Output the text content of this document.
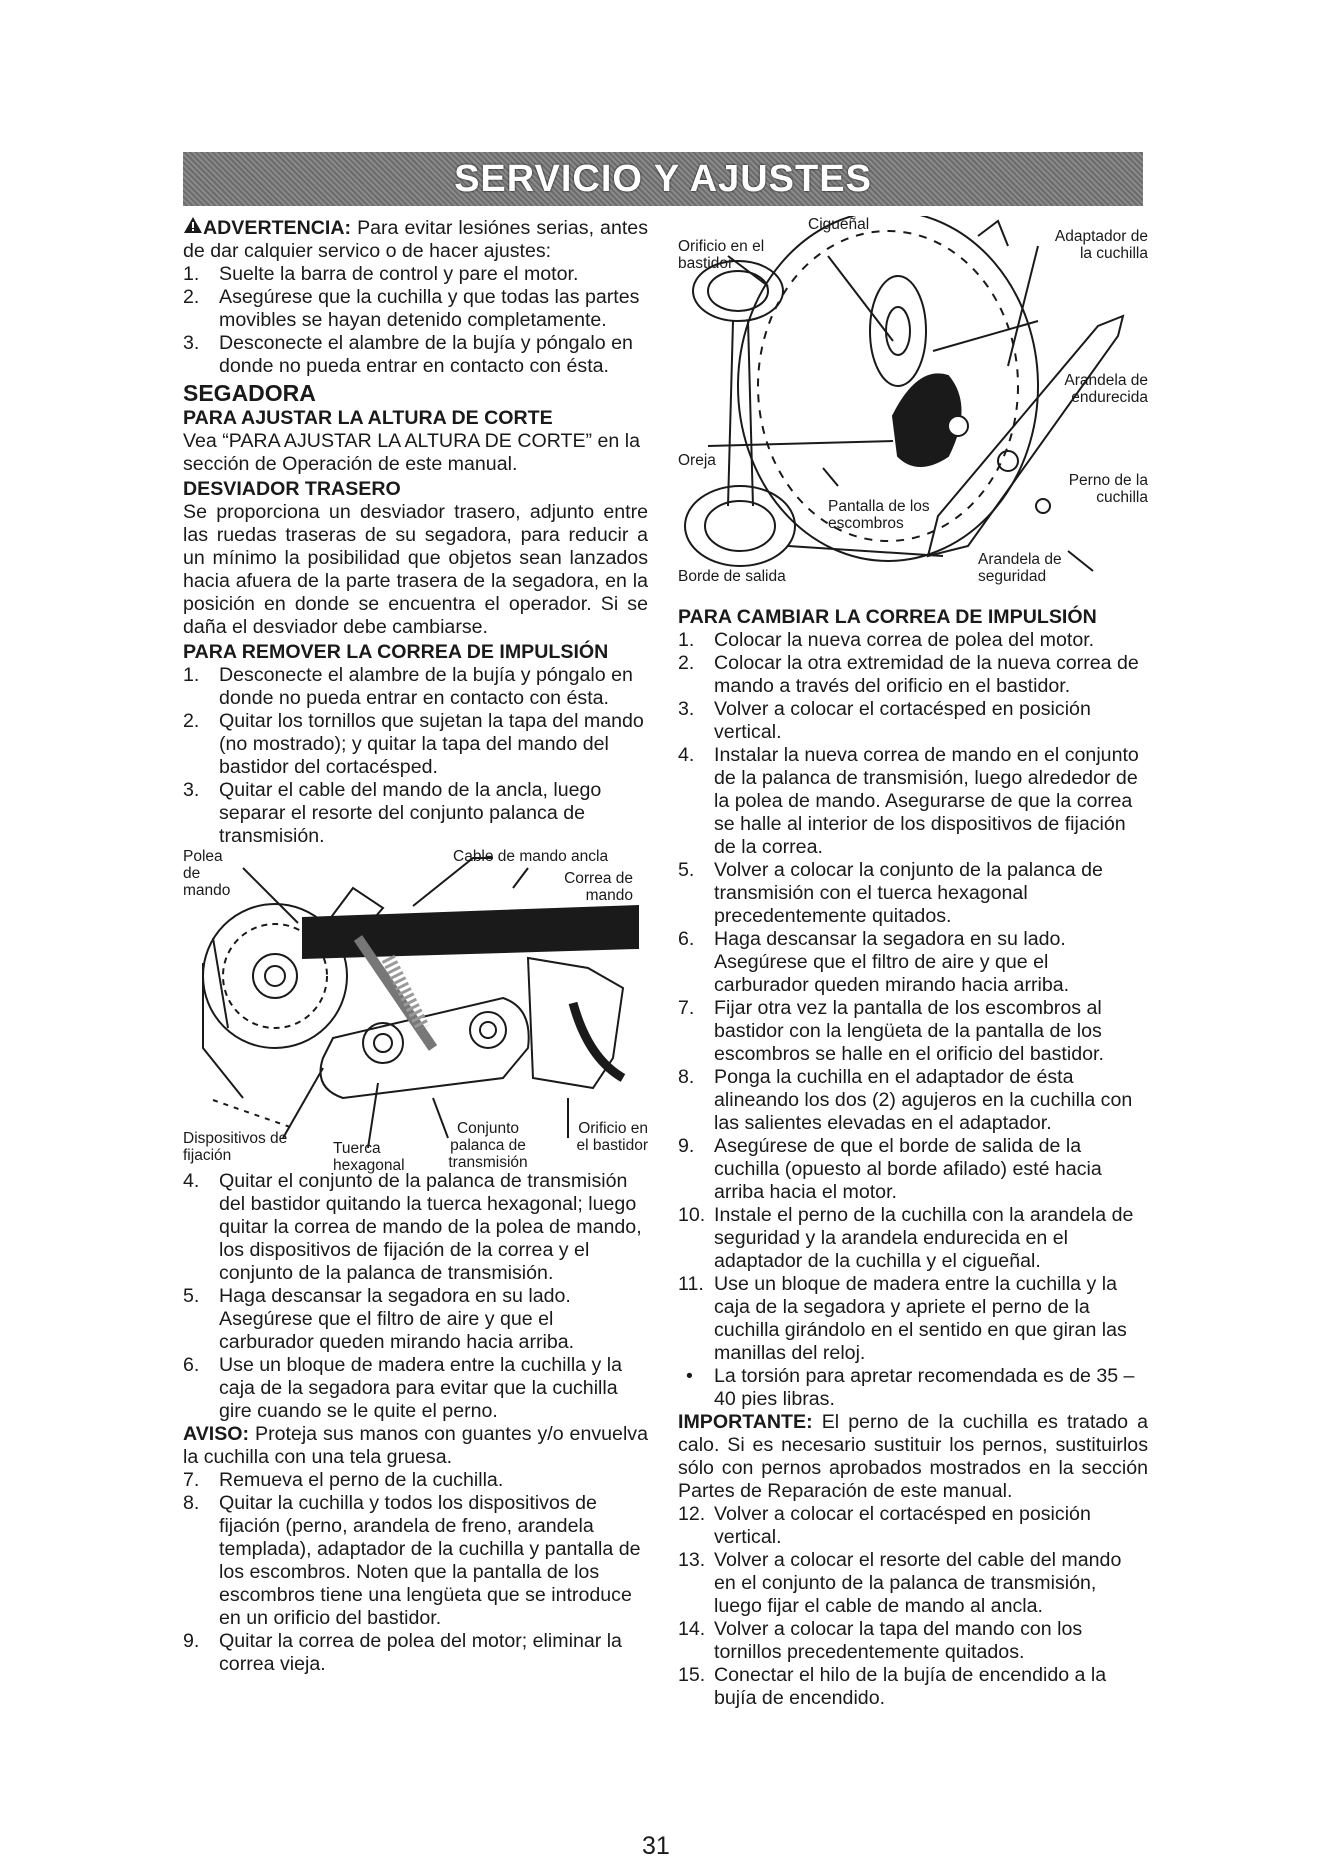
SERVICIO Y AJUSTES

ADVERTENCIA: Para evitar lesiónes serias, antes de dar calquier servico o de hacer ajustes:

1.	Suelte la barra de control y pare el motor.
2.	Asegúrese que la cuchilla y que todas las partes movibles se hayan detenido completamente.
3.	Desconecte el alambre de la bujía y póngalo en donde no pueda entrar en contacto con ésta.
SEGADORA
PARA AJUSTAR LA ALTURA DE CORTE

Vea “PARA AJUSTAR LA ALTURA DE CORTE” en la sección de Operación de este manual.

DESVIADOR TRASERO

Se proporciona un desviador trasero, adjunto entre las ruedas traseras de su segadora, para reducir a un mínimo la posibilidad que objetos sean lanzados hacia afuera de la parte trasera de la segadora, en la posición en donde se encuentra el operador. Si se daña el desviador debe cambiarse.

PARA REMOVER LA CORREA DE IMPULSIÓN
1.	Desconecte el alambre de la bujía y póngalo en donde no pueda entrar en contacto con ésta.
2.	Quitar los tornillos que sujetan la tapa del mando (no mostrado); y quitar la tapa del mando del bastidor del cortacésped.
3.	Quitar el cable del mando de la ancla, luego separar el resorte del conjunto palanca de transmisión.
Polea de mando
Cable de mando ancla
Correa de mando
Dispositivos de fijación	Tuerca hexagonal
Conjunto palanca de transmisión
Orificio en el bastidor
4.	Quitar el conjunto de la palanca de transmisión del bastidor quitando la tuerca hexagonal; luego quitar la correa de mando de la polea de mando, los dispositivos de fijación de la correa y el conjunto de la palanca de transmisión.
5.	Haga descansar la segadora en su lado. Asegúrese que el filtro de aire y que el carburador queden mirando hacia arriba.
6.	Use un bloque de madera entre la cuchilla y la caja de la segadora para evitar que la cuchilla gire cuando se le quite el perno.

AVISO: Proteja sus manos con guantes y/o envuelva la cuchilla con una tela gruesa.

7.	Remueva el perno de la cuchilla.
8.	Quitar la cuchilla y todos los dispositivos de fijación (perno, arandela de freno, arandela templada), adaptador de la cuchilla y pantalla de los escombros. Noten que la pantalla de los escombros tiene una lengüeta que se introduce en un orificio del bastidor.
9.	Quitar la correa de polea del motor; eliminar la correa vieja.
Orificio en el bastidor
Cigueñal
Adaptador de la cuchilla
Arandela de endurecida
Oreja
Perno de la cuchilla
Pantalla de los escombros
Borde de salida
Arandela de seguridad
PARA CAMBIAR LA CORREA DE IMPULSIÓN
1.	Colocar la nueva correa de polea del motor.
2.	Colocar la otra extremidad de la nueva correa de mando a través del orificio en el bastidor.
3.	Volver a colocar el cortacésped en posición vertical.
4.	Instalar la nueva correa de mando en el conjunto de la palanca de transmisión, luego alrededor de la polea de mando. Asegurarse de que la correa se halle al interior de los dispositivos de fijación de la correa.
5.	Volver a colocar la conjunto de la palanca de transmisión con el tuerca hexagonal precedentemente quitados.
6.	Haga descansar la segadora en su lado. Asegúrese que el filtro de aire y que el carburador queden mirando hacia arriba.
7.	Fijar otra vez la pantalla de los escombros al bastidor con la lengüeta de la pantalla de los escombros se halle en el orificio del bastidor.
8.	Ponga la cuchilla en el adaptador de ésta alineando los dos (2) agujeros en la cuchilla con las salientes elevadas en el adaptador.
9.	Asegúrese de que el borde de salida de la cuchilla (opuesto al borde afilado) esté hacia arriba hacia el motor.
10. Instale el perno de la cuchilla con la arandela de seguridad y la arandela endurecida en el adaptador de la cuchilla y el cigueñal.
11. Use un bloque de madera entre la cuchilla y la caja de la segadora y apriete el perno de la cuchilla girándolo en el sentido en que giran las manillas del reloj.
•	La torsión para apretar recomendada es de 35 – 40 pies libras.

IMPORTANTE: El perno de la cuchilla es tratado a calo. Si es necesario sustituir los pernos, sustituirlos sólo con pernos aprobados mostrados en la sección Partes de Reparación de este manual.

12. Volver a colocar el cortacésped en posición vertical.
13. Volver a colocar el resorte del cable del mando en el conjunto de la palanca de transmisión, luego fijar el cable de mando al ancla.
14. Volver a colocar la tapa del mando con los tornillos precedentemente quitados.
15. Conectar el hilo de la bujía de encendido a la bujía de encendido.
31
